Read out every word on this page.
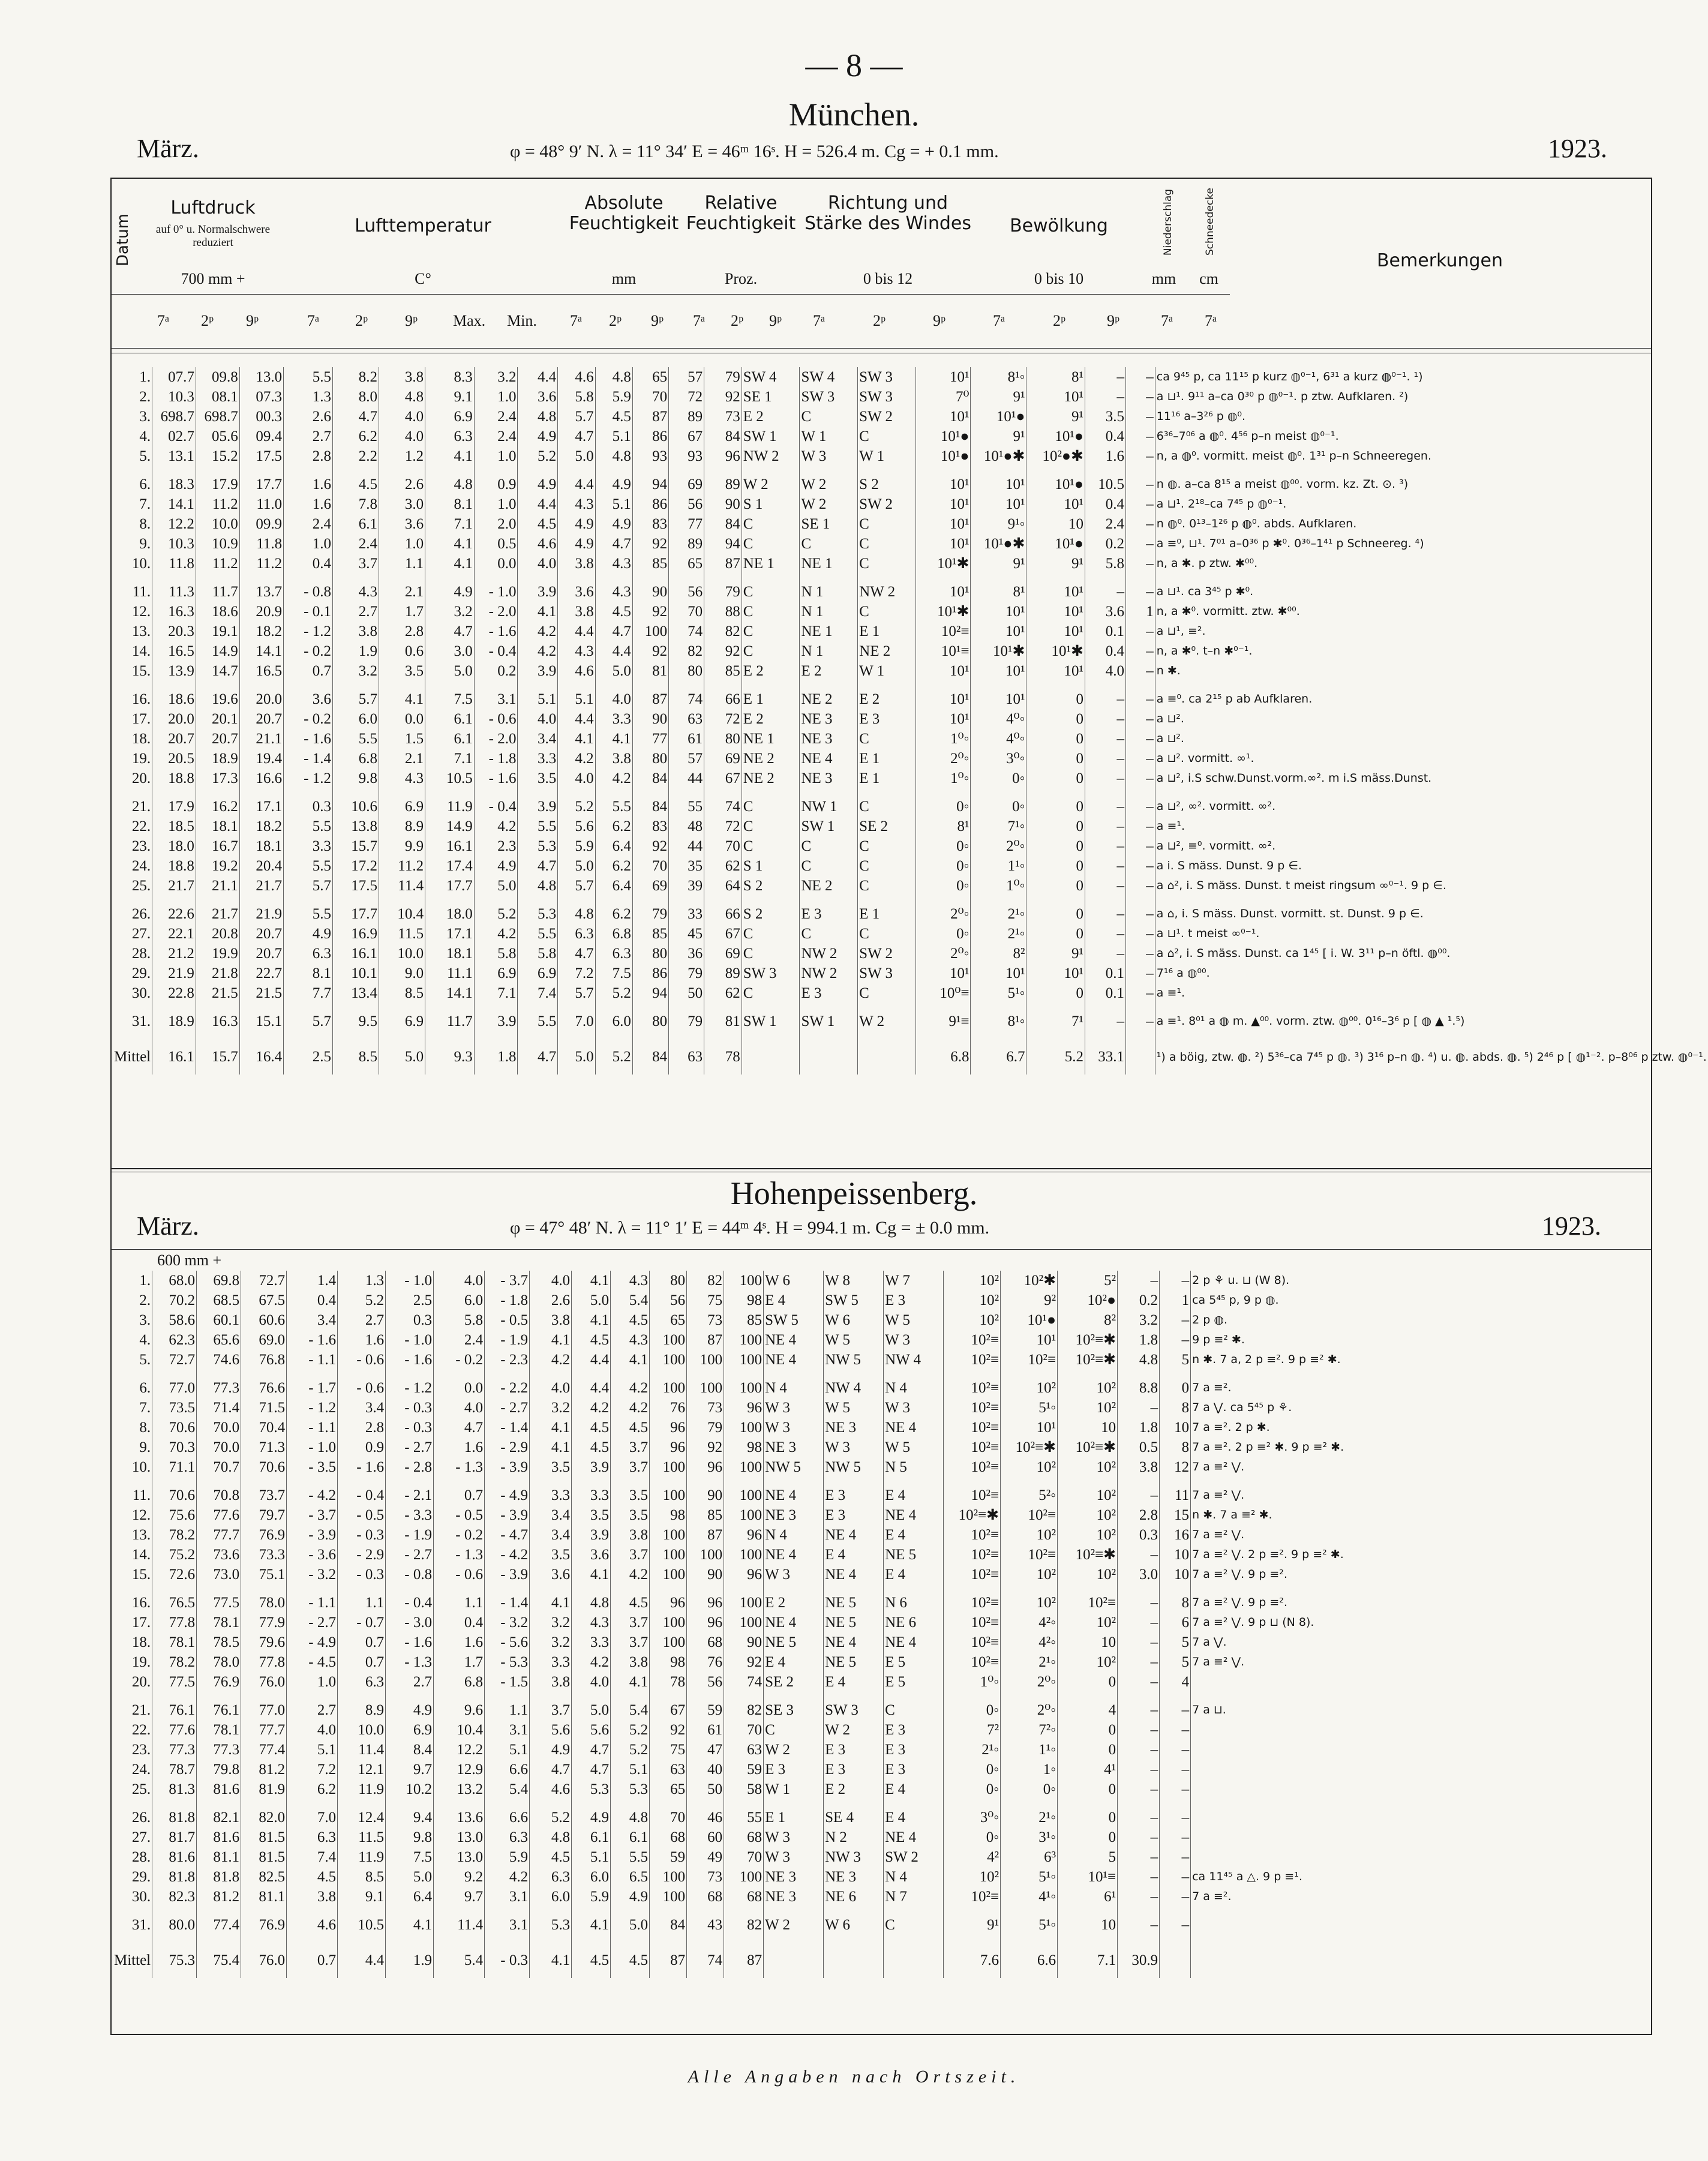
— 8 —
München.
März.	φ = 48° 9′ N. λ = 11° 34′ E = 46ᵐ 16ˢ. H = 526.4 m. Cg = + 0.1 mm.	1923.
Datum
Luftdruck
auf 0° u. Normalschwere reduziert
700 mm +
Lufttemperatur
C°
Absolute Feuchtigkeit
mm
Relative Feuchtigkeit
Proz.
Richtung und Stärke des Windes
0 bis 12
Bewölkung
0 bis 10
Niederschlag
mm
Schneedecke
cm
Bemerkungen
7ᵃ 2ᵖ 9ᵖ	7ᵃ 2ᵖ 9ᵖ Max. Min. 7ᵃ 2ᵖ 9ᵖ 7ᵃ 2ᵖ 9ᵖ 7ᵃ	2ᵖ	9ᵖ	7ᵃ	2ᵖ	9ᵖ	7ᵃ 7ᵃ
1.	07.7	09.8	13.0	5.5	8.2	3.8	8.3	3.2	4.4	4.6	4.8	65	57	79	SW 4	SW 4	SW 3	10¹	8¹◦	8¹	–	–	ca 9⁴⁵ p, ca 11¹⁵ p kurz ◍⁰⁻¹, 6³¹ a kurz ◍⁰⁻¹. ¹)
2.	10.3	08.1	07.3	1.3	8.0	4.8	9.1	1.0	3.6	5.8	5.9	70	72	92	SE 1	SW 3	SW 3	7⁰	9¹	10¹	–	–	a ⊔¹. 9¹¹ a–ca 0³⁰ p ◍⁰⁻¹. p ztw. Aufklaren. ²)
3.	698.7	698.7	00.3	2.6	4.7	4.0	6.9	2.4	4.8	5.7	4.5	87	89	73	E 2	C	SW 2	10¹	10¹●	9¹	3.5	–	11¹⁶ a–3²⁶ p ◍⁰.
4.	02.7	05.6	09.4	2.7	6.2	4.0	6.3	2.4	4.9	4.7	5.1	86	67	84	SW 1	W 1	C	10¹●	9¹	10¹●	0.4	–	6³⁶–7⁰⁶ a ◍⁰. 4⁵⁶ p–n meist ◍⁰⁻¹.
5.	13.1	15.2	17.5	2.8	2.2	1.2	4.1	1.0	5.2	5.0	4.8	93	93	96	NW 2	W 3	W 1	10¹●	10¹●✱	10²●✱	1.6	–	n, a ◍⁰. vormitt. meist ◍⁰. 1³¹ p–n Schneeregen.

6.	18.3	17.9	17.7	1.6	4.5	2.6	4.8	0.9	4.9	4.4	4.9	94	69	89	W 2	W 2	S 2	10¹	10¹	10¹●	10.5	–	n ◍. a–ca 8¹⁵ a meist ◍⁰⁰. vorm. kz. Zt. ⊙. ³)
7.	14.1	11.2	11.0	1.6	7.8	3.0	8.1	1.0	4.4	4.3	5.1	86	56	90	S 1	W 2	SW 2	10¹	10¹	10¹	0.4	–	a ⊔¹. 2¹⁸–ca 7⁴⁵ p ◍⁰⁻¹.
8.	12.2	10.0	09.9	2.4	6.1	3.6	7.1	2.0	4.5	4.9	4.9	83	77	84	C	SE 1	C	10¹	9¹◦	10	2.4	–	n ◍⁰. 0¹³–1²⁶ p ◍⁰. abds. Aufklaren.
9.	10.3	10.9	11.8	1.0	2.4	1.0	4.1	0.5	4.6	4.9	4.7	92	89	94	C	C	C	10¹	10¹●✱	10¹●	0.2	–	a ≡⁰, ⊔¹. 7⁰¹ a–0³⁶ p ✱⁰. 0³⁶–1⁴¹ p Schneereg. ⁴)
10.	11.8	11.2	11.2	0.4	3.7	1.1	4.1	0.0	4.0	3.8	4.3	85	65	87	NE 1	NE 1	C	10¹✱	9¹	9¹	5.8	–	n, a ✱. p ztw. ✱⁰⁰.

11.	11.3	11.7	13.7	- 0.8	4.3	2.1	4.9	- 1.0	3.9	3.6	4.3	90	56	79	C	N 1	NW 2	10¹	8¹	10¹	–	–	a ⊔¹. ca 3⁴⁵ p ✱⁰.
12.	16.3	18.6	20.9	- 0.1	2.7	1.7	3.2	- 2.0	4.1	3.8	4.5	92	70	88	C	N 1	C	10¹✱	10¹	10¹	3.6	1	n, a ✱⁰. vormitt. ztw. ✱⁰⁰.
13.	20.3	19.1	18.2	- 1.2	3.8	2.8	4.7	- 1.6	4.2	4.4	4.7	100	74	82	C	NE 1	E 1	10²≡	10¹	10¹	0.1	–	a ⊔¹, ≡².
14.	16.5	14.9	14.1	- 0.2	1.9	0.6	3.0	- 0.4	4.2	4.3	4.4	92	82	92	C	N 1	NE 2	10¹≡	10¹✱	10¹✱	0.4	–	n, a ✱⁰. t–n ✱⁰⁻¹.
15.	13.9	14.7	16.5	0.7	3.2	3.5	5.0	0.2	3.9	4.6	5.0	81	80	85	E 2	E 2	W 1	10¹	10¹	10¹	4.0	–	n ✱.

16.	18.6	19.6	20.0	3.6	5.7	4.1	7.5	3.1	5.1	5.1	4.0	87	74	66	E 1	NE 2	E 2	10¹	10¹	0	–	–	a ≡⁰. ca 2¹⁵ p ab Aufklaren.
17.	20.0	20.1	20.7	- 0.2	6.0	0.0	6.1	- 0.6	4.0	4.4	3.3	90	63	72	E 2	NE 3	E 3	10¹	4⁰◦	0	–	–	a ⊔².
18.	20.7	20.7	21.1	- 1.6	5.5	1.5	6.1	- 2.0	3.4	4.1	4.1	77	61	80	NE 1	NE 3	C	1⁰◦	4⁰◦	0	–	–	a ⊔².
19.	20.5	18.9	19.4	- 1.4	6.8	2.1	7.1	- 1.8	3.3	4.2	3.8	80	57	69	NE 2	NE 4	E 1	2⁰◦	3⁰◦	0	–	–	a ⊔². vormitt. ∞¹.
20.	18.8	17.3	16.6	- 1.2	9.8	4.3	10.5	- 1.6	3.5	4.0	4.2	84	44	67	NE 2	NE 3	E 1	1⁰◦	0◦	0	–	–	a ⊔², i.S schw.Dunst.vorm.∞². m i.S mäss.Dunst.

21.	17.9	16.2	17.1	0.3	10.6	6.9	11.9	- 0.4	3.9	5.2	5.5	84	55	74	C	NW 1	C	0◦	0◦	0	–	–	a ⊔², ∞². vormitt. ∞².
22.	18.5	18.1	18.2	5.5	13.8	8.9	14.9	4.2	5.5	5.6	6.2	83	48	72	C	SW 1	SE 2	8¹	7¹◦	0	–	–	a ≡¹.
23.	18.0	16.7	18.1	3.3	15.7	9.9	16.1	2.3	5.3	5.9	6.4	92	44	70	C	C	C	0◦	2⁰◦	0	–	–	a ⊔², ≡⁰. vormitt. ∞².
24.	18.8	19.2	20.4	5.5	17.2	11.2	17.4	4.9	4.7	5.0	6.2	70	35	62	S 1	C	C	0◦	1¹◦	0	–	–	a i. S mäss. Dunst. 9 p ∈.
25.	21.7	21.1	21.7	5.7	17.5	11.4	17.7	5.0	4.8	5.7	6.4	69	39	64	S 2	NE 2	C	0◦	1⁰◦	0	–	–	a ⌂², i. S mäss. Dunst. t meist ringsum ∞⁰⁻¹. 9 p ∈.

26.	22.6	21.7	21.9	5.5	17.7	10.4	18.0	5.2	5.3	4.8	6.2	79	33	66	S 2	E 3	E 1	2⁰◦	2¹◦	0	–	–	a ⌂, i. S mäss. Dunst. vormitt. st. Dunst. 9 p ∈.
27.	22.1	20.8	20.7	4.9	16.9	11.5	17.1	4.2	5.5	6.3	6.8	85	45	67	C	C	C	0◦	2¹◦	0	–	–	a ⊔¹. t meist ∞⁰⁻¹.
28.	21.2	19.9	20.7	6.3	16.1	10.0	18.1	5.8	5.8	4.7	6.3	80	36	69	C	NW 2	SW 2	2⁰◦	8²	9¹	–	–	a ⌂², i. S mäss. Dunst. ca 1⁴⁵ [ i. W. 3¹¹ p–n öftl. ◍⁰⁰.
29.	21.9	21.8	22.7	8.1	10.1	9.0	11.1	6.9	6.9	7.2	7.5	86	79	89	SW 3	NW 2	SW 3	10¹	10¹	10¹	0.1	–	7¹⁶ a ◍⁰⁰.
30.	22.8	21.5	21.5	7.7	13.4	8.5	14.1	7.1	7.4	5.7	5.2	94	50	62	C	E 3	C	10⁰≡	5¹◦	0	0.1	–	a ≡¹.

31.	18.9	16.3	15.1	5.7	9.5	6.9	11.7	3.9	5.5	7.0	6.0	80	79	81	SW 1	SW 1	W 2	9¹≡	8¹◦	7¹	–	–	a ≡¹. 8⁰¹ a ◍ m. ▲⁰⁰. vorm. ztw. ◍⁰⁰. 0¹⁶–3⁶ p [ ◍ ▲ ¹.⁵)

Mittel	16.1	15.7	16.4	2.5	8.5	5.0	9.3	1.8	4.7	5.0	5.2	84	63	78				6.8	6.7	5.2	33.1		¹) a böig, ztw. ◍. ²) 5³⁶–ca 7⁴⁵ p ◍. ³) 3¹⁶ p–n ◍. ⁴) u. ◍. abds. ◍. ⁵) 2⁴⁶ p [ ◍¹⁻². p–8⁰⁶ p ztw. ◍⁰⁻¹.
Hohenpeissenberg.
März.	φ = 47° 48′ N. λ = 11° 1′ E = 44ᵐ 4ˢ. H = 994.1 m. Cg = ± 0.0 mm.	1923.
600 mm +
1.	68.0	69.8	72.7	1.4	1.3	- 1.0	4.0	- 3.7	4.0	4.1	4.3	80	82	100	W 6	W 8	W 7	10²	10²✱	5²	–	–	2 p ⚘ u. ⊔ (W 8).
2.	70.2	68.5	67.5	0.4	5.2	2.5	6.0	- 1.8	2.6	5.0	5.4	56	75	98	E 4	SW 5	E 3	10²	9²	10²●	0.2	1	ca 5⁴⁵ p, 9 p ◍.
3.	58.6	60.1	60.6	3.4	2.7	0.3	5.8	- 0.5	3.8	4.1	4.5	65	73	85	SW 5	W 6	W 5	10²	10¹●	8²	3.2	–	2 p ◍.
4.	62.3	65.6	69.0	- 1.6	1.6	- 1.0	2.4	- 1.9	4.1	4.5	4.3	100	87	100	NE 4	W 5	W 3	10²≡	10¹	10²≡✱	1.8	–	9 p ≡² ✱.
5.	72.7	74.6	76.8	- 1.1	- 0.6	- 1.6	- 0.2	- 2.3	4.2	4.4	4.1	100	100	100	NE 4	NW 5	NW 4	10²≡	10²≡	10²≡✱	4.8	5	n ✱. 7 a, 2 p ≡². 9 p ≡² ✱.

6.	77.0	77.3	76.6	- 1.7	- 0.6	- 1.2	0.0	- 2.2	4.0	4.4	4.2	100	100	100	N 4	NW 4	N 4	10²≡	10²	10²	8.8	0	7 a ≡².
7.	73.5	71.4	71.5	- 1.2	3.4	- 0.3	4.0	- 2.7	3.2	4.2	4.2	76	73	96	W 3	W 5	W 3	10²≡	5¹◦	10²	–	8	7 a ⋁. ca 5⁴⁵ p ⚘.
8.	70.6	70.0	70.4	- 1.1	2.8	- 0.3	4.7	- 1.4	4.1	4.5	4.5	96	79	100	W 3	NE 3	NE 4	10²≡	10¹	10	1.8	10	7 a ≡². 2 p ✱.
9.	70.3	70.0	71.3	- 1.0	0.9	- 2.7	1.6	- 2.9	4.1	4.5	3.7	96	92	98	NE 3	W 3	W 5	10²≡	10²≡✱	10²≡✱	0.5	8	7 a ≡². 2 p ≡² ✱. 9 p ≡² ✱.
10.	71.1	70.7	70.6	- 3.5	- 1.6	- 2.8	- 1.3	- 3.9	3.5	3.9	3.7	100	96	100	NW 5	NW 5	N 5	10²≡	10²	10²	3.8	12	7 a ≡² ⋁.

11.	70.6	70.8	73.7	- 4.2	- 0.4	- 2.1	0.7	- 4.9	3.3	3.3	3.5	100	90	100	NE 4	E 3	E 4	10²≡	5²◦	10²	–	11	7 a ≡² ⋁.
12.	75.6	77.6	79.7	- 3.7	- 0.5	- 3.3	- 0.5	- 3.9	3.4	3.5	3.5	98	85	100	NE 3	E 3	NE 4	10²≡✱	10²≡	10²	2.8	15	n ✱. 7 a ≡² ✱.
13.	78.2	77.7	76.9	- 3.9	- 0.3	- 1.9	- 0.2	- 4.7	3.4	3.9	3.8	100	87	96	N 4	NE 4	E 4	10²≡	10²	10²	0.3	16	7 a ≡² ⋁.
14.	75.2	73.6	73.3	- 3.6	- 2.9	- 2.7	- 1.3	- 4.2	3.5	3.6	3.7	100	100	100	NE 4	E 4	NE 5	10²≡	10²≡	10²≡✱	–	10	7 a ≡² ⋁. 2 p ≡². 9 p ≡² ✱.
15.	72.6	73.0	75.1	- 3.2	- 0.3	- 0.8	- 0.6	- 3.9	3.6	4.1	4.2	100	90	96	W 3	NE 4	E 4	10²≡	10²	10²	3.0	10	7 a ≡² ⋁. 9 p ≡².

16.	76.5	77.5	78.0	- 1.1	1.1	- 0.4	1.1	- 1.4	4.1	4.8	4.5	96	96	100	E 2	NE 5	N 6	10²≡	10²	10²≡	–	8	7 a ≡² ⋁. 9 p ≡².
17.	77.8	78.1	77.9	- 2.7	- 0.7	- 3.0	0.4	- 3.2	3.2	4.3	3.7	100	96	100	NE 4	NE 5	NE 6	10²≡	4²◦	10²	–	6	7 a ≡² ⋁. 9 p ⊔ (N 8).
18.	78.1	78.5	79.6	- 4.9	0.7	- 1.6	1.6	- 5.6	3.2	3.3	3.7	100	68	90	NE 5	NE 4	NE 4	10²≡	4²◦	10	–	5	7 a ⋁.
19.	78.2	78.0	77.8	- 4.5	0.7	- 1.3	1.7	- 5.3	3.3	4.2	3.8	98	76	92	E 4	NE 5	E 5	10²≡	2¹◦	10²	–	5	7 a ≡² ⋁.
20.	77.5	76.9	76.0	1.0	6.3	2.7	6.8	- 1.5	3.8	4.0	4.1	78	56	74	SE 2	E 4	E 5	1⁰◦	2⁰◦	0	–	4	

21.	76.1	76.1	77.0	2.7	8.9	4.9	9.6	1.1	3.7	5.0	5.4	67	59	82	SE 3	SW 3	C	0◦	2⁰◦	4	–	–	7 a ⊔.
22.	77.6	78.1	77.7	4.0	10.0	6.9	10.4	3.1	5.6	5.6	5.2	92	61	70	C	W 2	E 3	7²	7²◦	0	–	–	
23.	77.3	77.3	77.4	5.1	11.4	8.4	12.2	5.1	4.9	4.7	5.2	75	47	63	W 2	E 3	E 3	2¹◦	1¹◦	0	–	–	
24.	78.7	79.8	81.2	7.2	12.1	9.7	12.9	6.6	4.7	4.7	5.1	63	40	59	E 3	E 3	E 3	0◦	1◦	4¹	–	–	
25.	81.3	81.6	81.9	6.2	11.9	10.2	13.2	5.4	4.6	5.3	5.3	65	50	58	W 1	E 2	E 4	0◦	0◦	0	–	–	

26.	81.8	82.1	82.0	7.0	12.4	9.4	13.6	6.6	5.2	4.9	4.8	70	46	55	E 1	SE 4	E 4	3⁰◦	2¹◦	0	–	–	
27.	81.7	81.6	81.5	6.3	11.5	9.8	13.0	6.3	4.8	6.1	6.1	68	60	68	W 3	N 2	NE 4	0◦	3¹◦	0	–	–	
28.	81.6	81.1	81.5	7.4	11.9	7.5	13.0	5.9	4.5	5.1	5.5	59	49	70	W 3	NW 3	SW 2	4²	6³	5	–	–	
29.	81.8	81.8	82.5	4.5	8.5	5.0	9.2	4.2	6.3	6.0	6.5	100	73	100	NE 3	NE 3	N 4	10²	5¹◦	10¹≡	–	–	ca 11⁴⁵ a △. 9 p ≡¹.
30.	82.3	81.2	81.1	3.8	9.1	6.4	9.7	3.1	6.0	5.9	4.9	100	68	68	NE 3	NE 6	N 7	10²≡	4¹◦	6¹	–	–	7 a ≡².

31.	80.0	77.4	76.9	4.6	10.5	4.1	11.4	3.1	5.3	4.1	5.0	84	43	82	W 2	W 6	C	9¹	5¹◦	10	–	–	

Mittel	75.3	75.4	76.0	0.7	4.4	1.9	5.4	- 0.3	4.1	4.5	4.5	87	74	87				7.6	6.6	7.1	30.9		
Alle Angaben nach Ortszeit.
